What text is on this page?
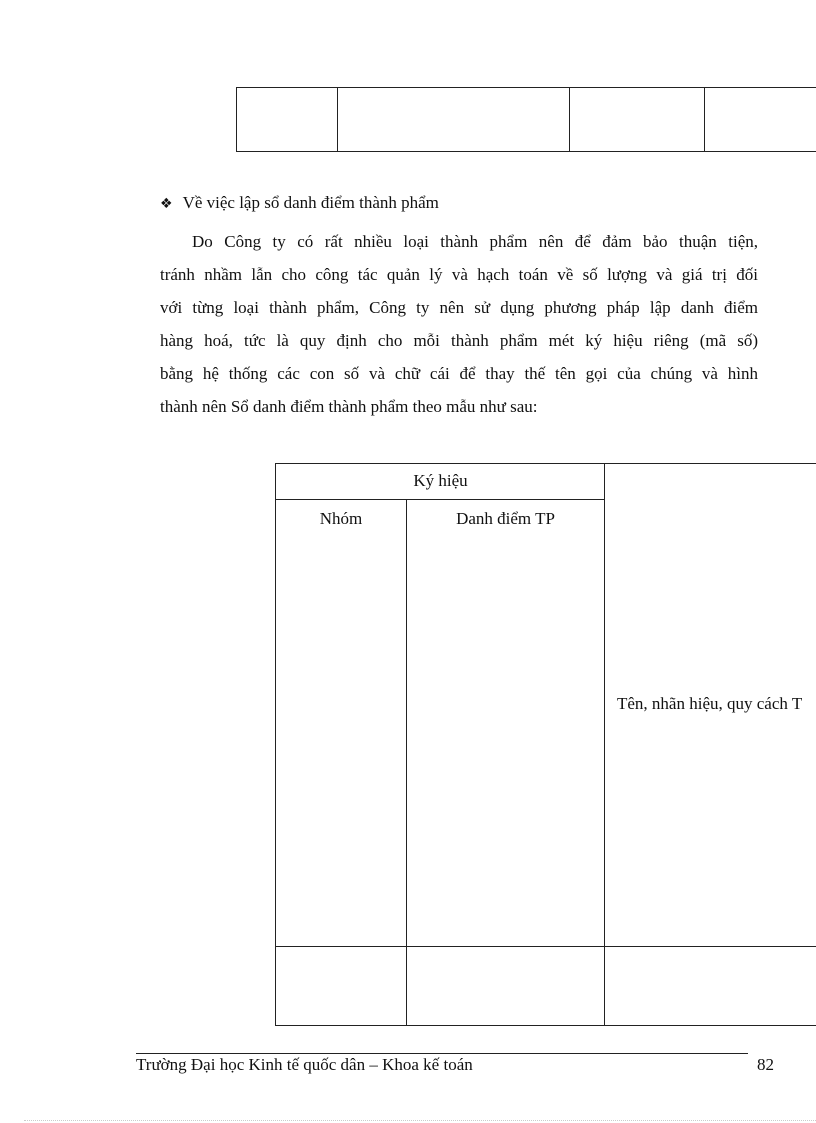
❖ Về việc lập sổ danh điểm thành phẩm
Do Công ty có rất nhiều loại thành phẩm nên để đảm bảo thuận tiện,
tránh nhầm lẫn cho công tác quản lý và hạch toán về số lượng và giá trị đối
với từng loại thành phẩm, Công ty nên sử dụng phương pháp lập danh điểm
hàng hoá, tức là quy định cho mỗi thành phẩm mét ký hiệu riêng (mã số)
bằng hệ thống các con số và chữ cái để thay thế tên gọi của chúng và hình
thành nên Sổ danh điểm thành phẩm theo mẫu như sau:
Ký hiệu
Nhóm	Danh điểm TP
Tên, nhãn hiệu, quy cách T
Trường Đại học Kinh tế quốc dân – Khoa kế toán	82
